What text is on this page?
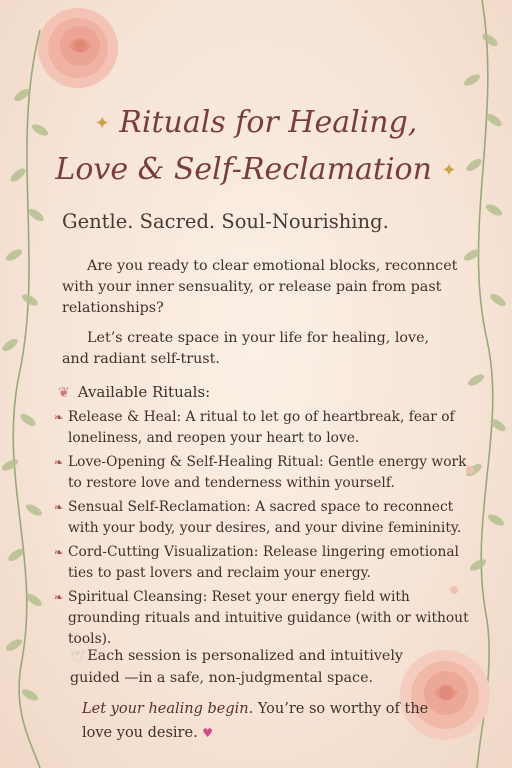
✦ Rituals for Healing,
Love & Self-Reclamation ✦
Gentle. Sacred. Soul-Nourishing.

Are you ready to clear emotional blocks, reconncet with your inner sensuality, or release pain from past relationships?

Let’s create space in your life for healing, love, and radiant self-trust.

❦ Available Rituals:
❧ Release & Heal: A ritual to let go of heartbreak, fear of loneliness, and reopen your heart to love.
❧ Love-Opening & Self-Healing Ritual: Gentle energy work to restore love and tenderness within yourself.
❧ Sensual Self-Reclamation: A sacred space to reconnect with your body, your desires, and your divine femininity.
❧ Cord-Cutting Visualization: Release lingering emotional ties to past lovers and reclaim your energy.
❧ Spiritual Cleansing: Reset your energy field with grounding rituals and intuitive guidance (with or without tools).
🕊 Each session is personalized and intuitively guided —in a safe, non-judgmental space.
Let your healing begin. You’re so worthy of the love you desire. ♥
